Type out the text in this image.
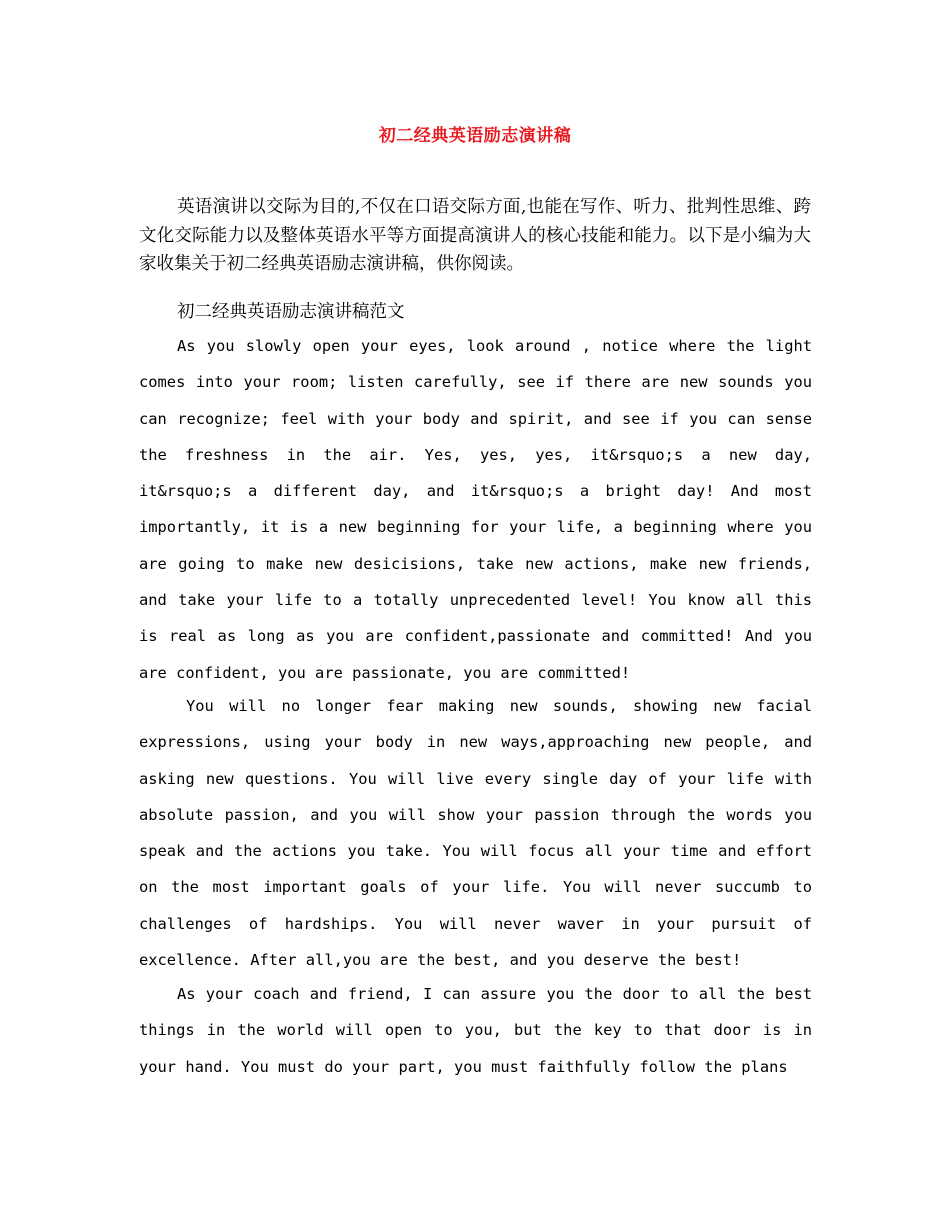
初二经典英语励志演讲稿

英语演讲以交际为目的,不仅在口语交际方面,也能在写作、听力、批判性思维、跨文化交际能力以及整体英语水平等方面提高演讲人的核心技能和能力。以下是小编为大家收集关于初二经典英语励志演讲稿，供你阅读。

初二经典英语励志演讲稿范文

As you slowly open your eyes, look around , notice where the light comes into your room; listen carefully, see if there are new sounds you can recognize; feel with your body and spirit, and see if you can sense the freshness in the air. Yes, yes, yes, it&rsquo;s a new day, it&rsquo;s a different day, and it&rsquo;s a bright day! And most importantly, it is a new beginning for your life, a beginning where you are going to make new desicisions, take new actions, make new friends, and take your life to a totally unprecedented level! You know all this is real as long as you are confident,passionate and committed! And you are confident, you are passionate, you are committed!

You will no longer fear making new sounds, showing new facial expressions, using your body in new ways,approaching new people, and asking new questions. You will live every single day of your life with absolute passion, and you will show your passion through the words you speak and the actions you take. You will focus all your time and effort on the most important goals of your life. You will never succumb to challenges of hardships. You will never waver in your pursuit of excellence. After all,you are the best, and you deserve the best!

As your coach and friend, I can assure you the door to all the best things in the world will open to you, but the key to that door is in your hand. You must do your part, you must faithfully follow the plans
